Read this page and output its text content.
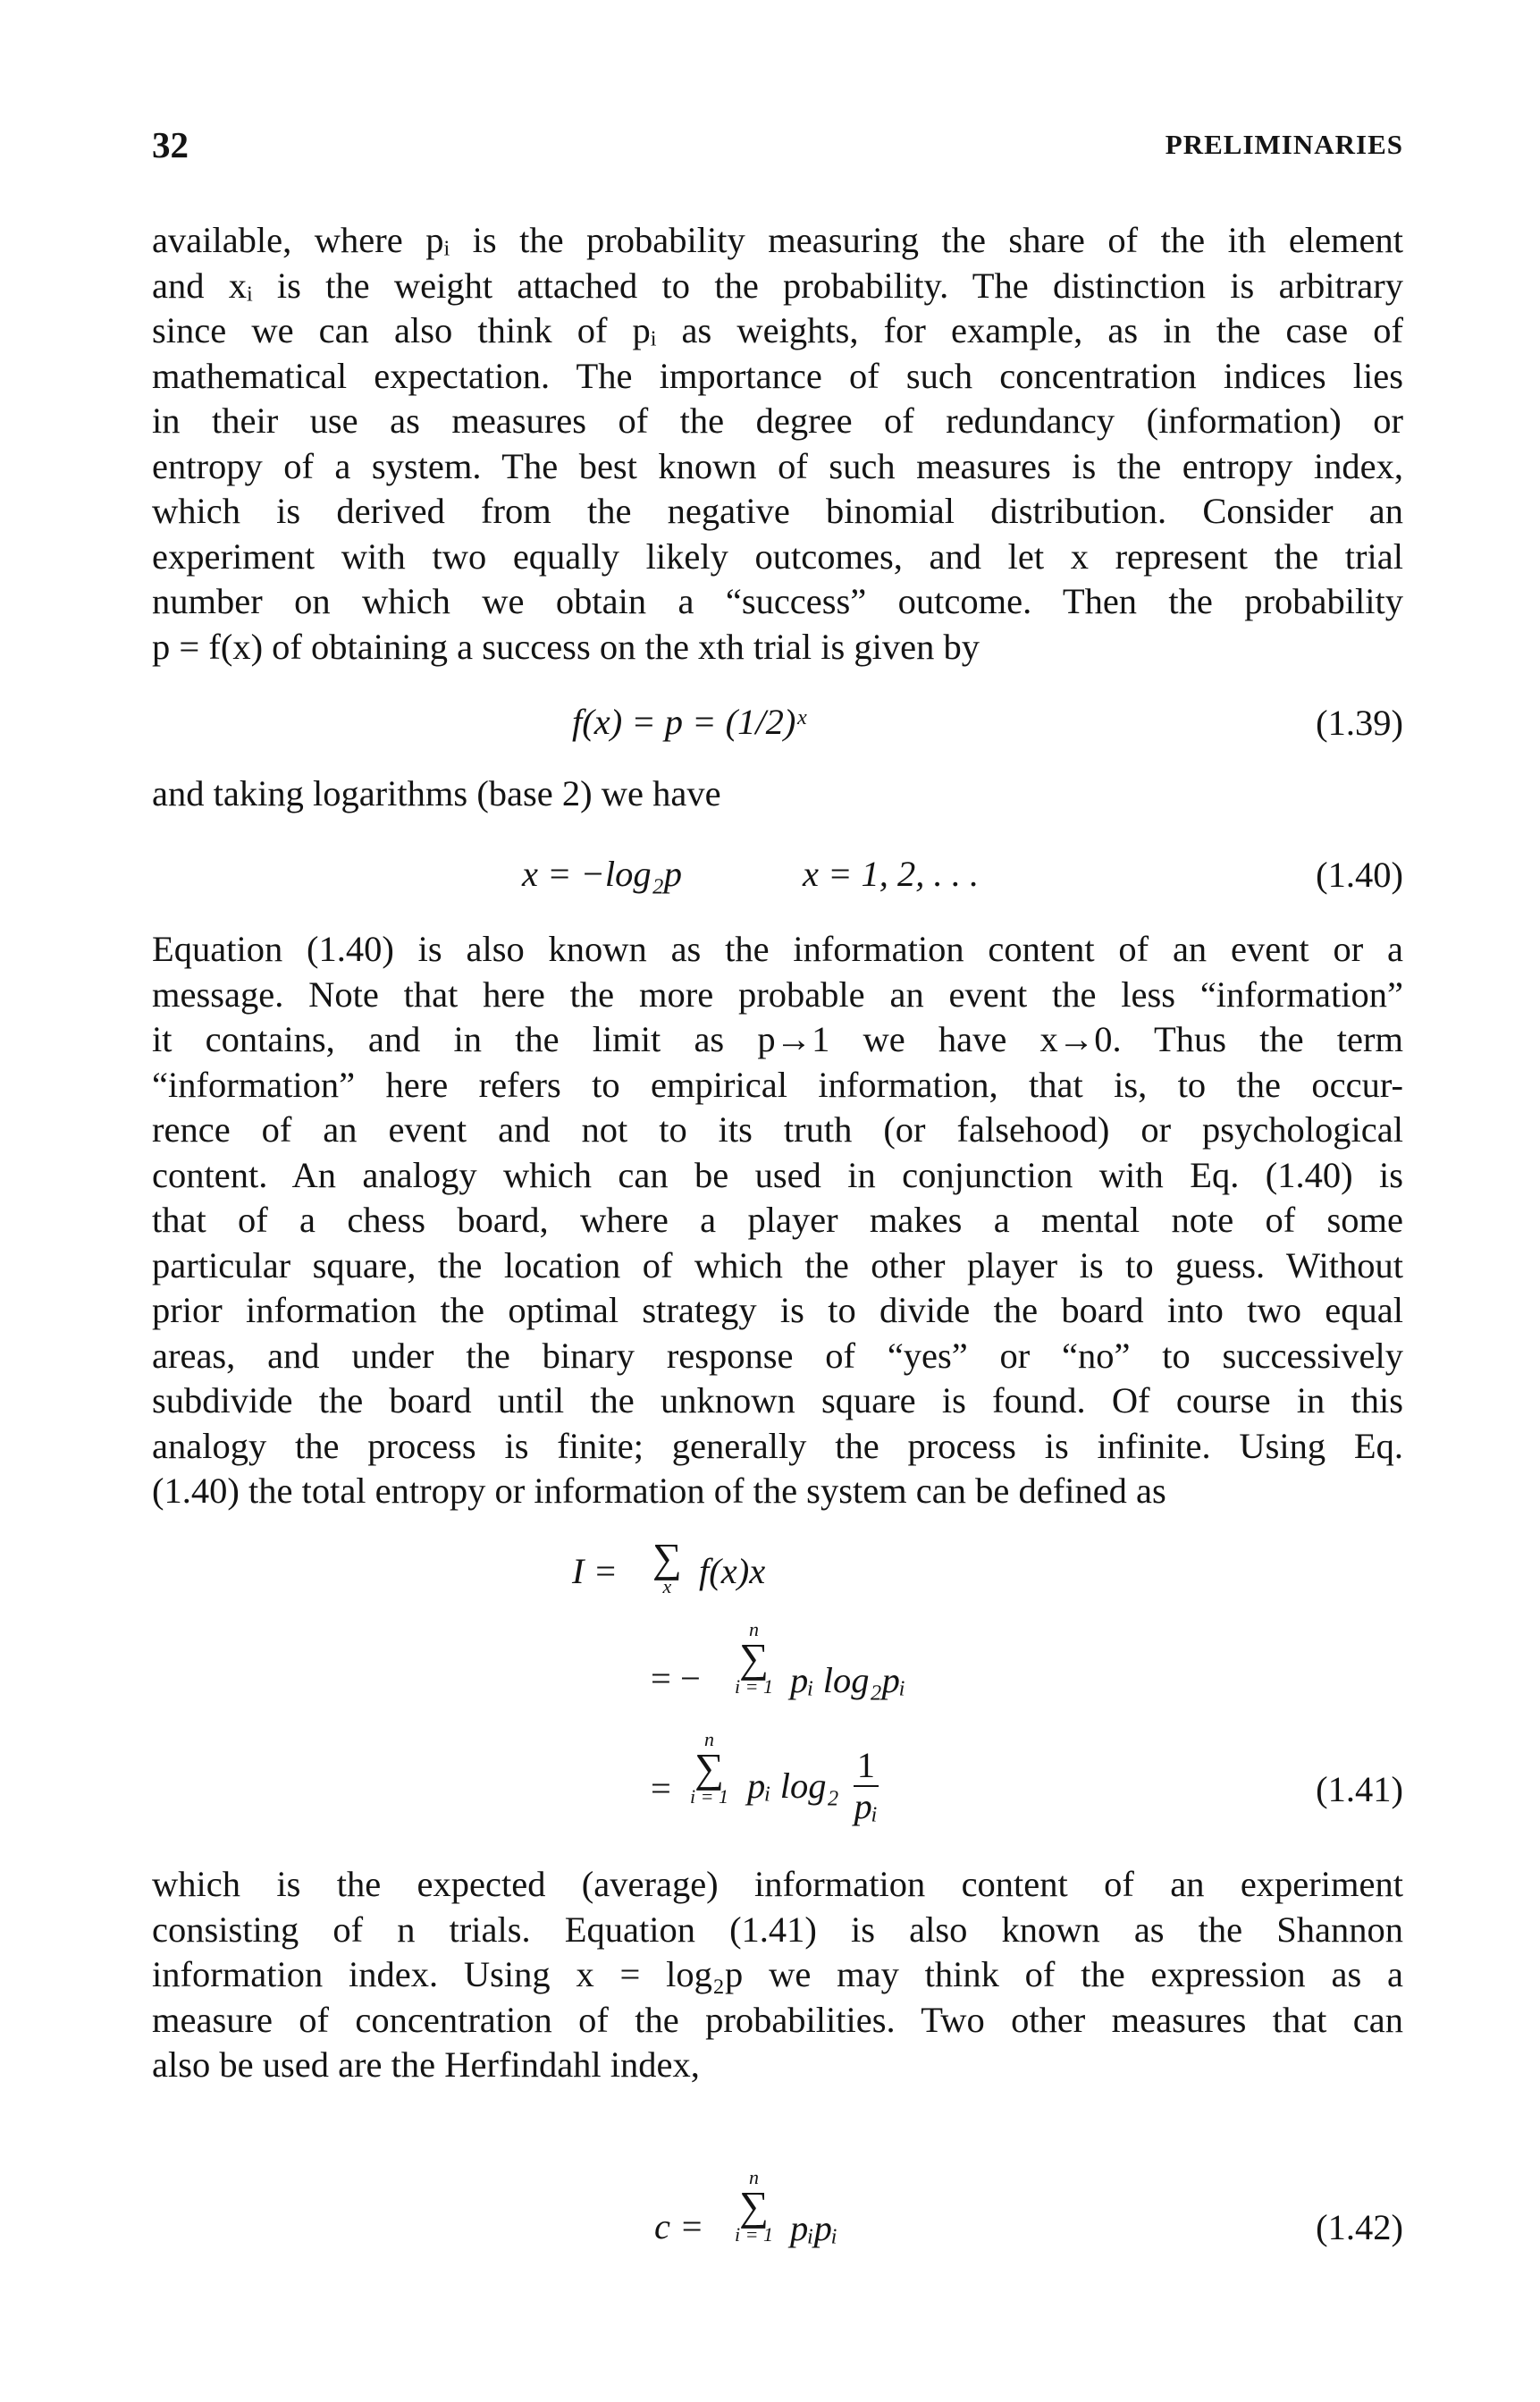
32	PRELIMINARIES
available, where pᵢ is the probability measuring the share of the ith element
and xᵢ is the weight attached to the probability. The distinction is arbitrary
since we can also think of pᵢ as weights, for example, as in the case of
mathematical expectation. The importance of such concentration indices lies
in their use as measures of the degree of redundancy (information) or
entropy of a system. The best known of such measures is the entropy index,
which is derived from the negative binomial distribution. Consider an
experiment with two equally likely outcomes, and let x represent the trial
number on which we obtain a “success” outcome. Then the probability
p = f(x) of obtaining a success on the xth trial is given by
f(x) = p = (1/2)ˣ	(1.39)
and taking logarithms (base 2) we have
x = −log₂p	x = 1, 2, . . .	(1.40)
Equation (1.40) is also known as the information content of an event or a
message. Note that here the more probable an event the less “information”
it contains, and in the limit as p→1 we have x→0. Thus the term
“information” here refers to empirical information, that is, to the occur-
rence of an event and not to its truth (or falsehood) or psychological
content. An analogy which can be used in conjunction with Eq. (1.40) is
that of a chess board, where a player makes a mental note of some
particular square, the location of which the other player is to guess. Without
prior information the optimal strategy is to divide the board into two equal
areas, and under the binary response of “yes” or “no” to successively
subdivide the board until the unknown square is found. Of course in this
analogy the process is finite; generally the process is infinite. Using Eq.
(1.40) the total entropy or information of the system can be defined as
I = ∑
x f(x)x
= −
n
∑
i = 1 pᵢ log₂pᵢ
=
n
∑
i = 1 pᵢ $\log_2 \frac{1}{\text{pᵢ}}$	(1.41)
which is the expected (average) information content of an experiment
consisting of n trials. Equation (1.41) is also known as the Shannon
information index. Using x = log₂p we may think of the expression as a
measure of concentration of the probabilities. Two other measures that can
also be used are the Herfindahl index,
c =
n
∑
i = 1 pᵢpᵢ	(1.42)
